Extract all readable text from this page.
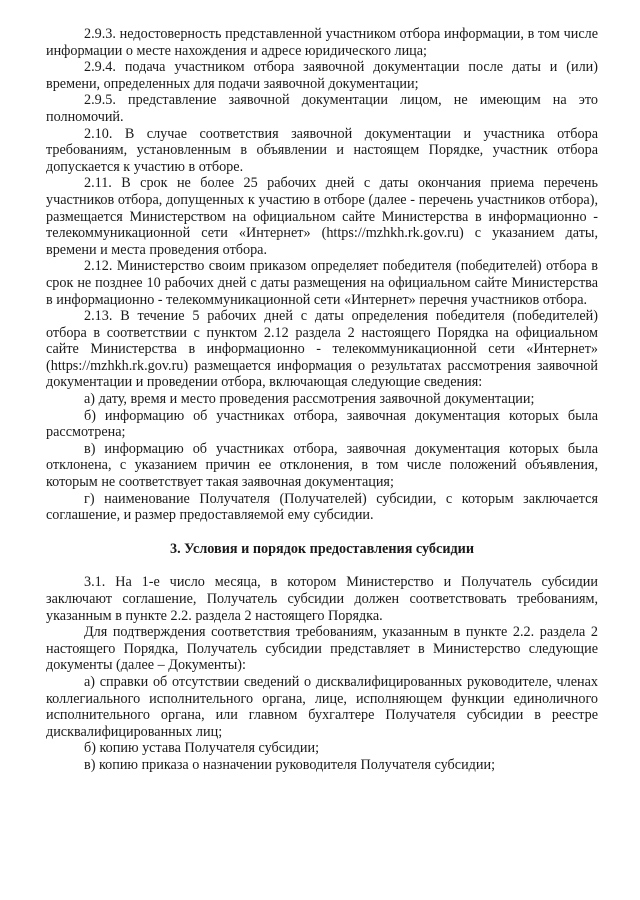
2.9.3. недостоверность представленной участником отбора информации, в том числе информации о месте нахождения и адресе юридического лица;

2.9.4. подача участником отбора заявочной документации после даты и (или) времени, определенных для подачи заявочной документации;

2.9.5. представление заявочной документации лицом, не имеющим на это полномочий.

2.10. В случае соответствия заявочной документации и участника отбора требованиям, установленным в объявлении и настоящем Порядке, участник отбора допускается к участию в отборе.

2.11. В срок не более 25 рабочих дней с даты окончания приема перечень участников отбора, допущенных к участию в отборе (далее - перечень участников отбора), размещается Министерством на официальном сайте Министерства в информационно - телекоммуникационной сети «Интернет» (https://mzhkh.rk.gov.ru) с указанием даты, времени и места проведения отбора.

2.12. Министерство своим приказом определяет победителя (победителей) отбора в срок не позднее 10 рабочих дней с даты размещения на официальном сайте Министерства в информационно - телекоммуникационной сети «Интернет» перечня участников отбора.

2.13. В течение 5 рабочих дней с даты определения победителя (победителей) отбора в соответствии с пунктом 2.12 раздела 2 настоящего Порядка на официальном сайте Министерства в информационно - телекоммуникационной сети «Интернет» (https://mzhkh.rk.gov.ru) размещается информация о результатах рассмотрения заявочной документации и проведении отбора, включающая следующие сведения:

а) дату, время и место проведения рассмотрения заявочной документации;

б) информацию об участниках отбора, заявочная документация которых была рассмотрена;

в) информацию об участниках отбора, заявочная документация которых была отклонена, с указанием причин ее отклонения, в том числе положений объявления, которым не соответствует такая заявочная документация;

г) наименование Получателя (Получателей) субсидии, с которым заключается соглашение, и размер предоставляемой ему субсидии.

3. Условия и порядок предоставления субсидии

3.1. На 1-е число месяца, в котором Министерство и Получатель субсидии заключают соглашение, Получатель субсидии должен соответствовать требованиям, указанным в пункте 2.2. раздела 2 настоящего Порядка.

Для подтверждения соответствия требованиям, указанным в пункте 2.2. раздела 2 настоящего Порядка, Получатель субсидии представляет в Министерство следующие документы (далее – Документы):

а) справки об отсутствии сведений о дисквалифицированных руководителе, членах коллегиального исполнительного органа, лице, исполняющем функции единоличного исполнительного органа, или главном бухгалтере Получателя субсидии в реестре дисквалифицированных лиц;

б) копию устава Получателя субсидии;

в) копию приказа о назначении руководителя Получателя субсидии;
